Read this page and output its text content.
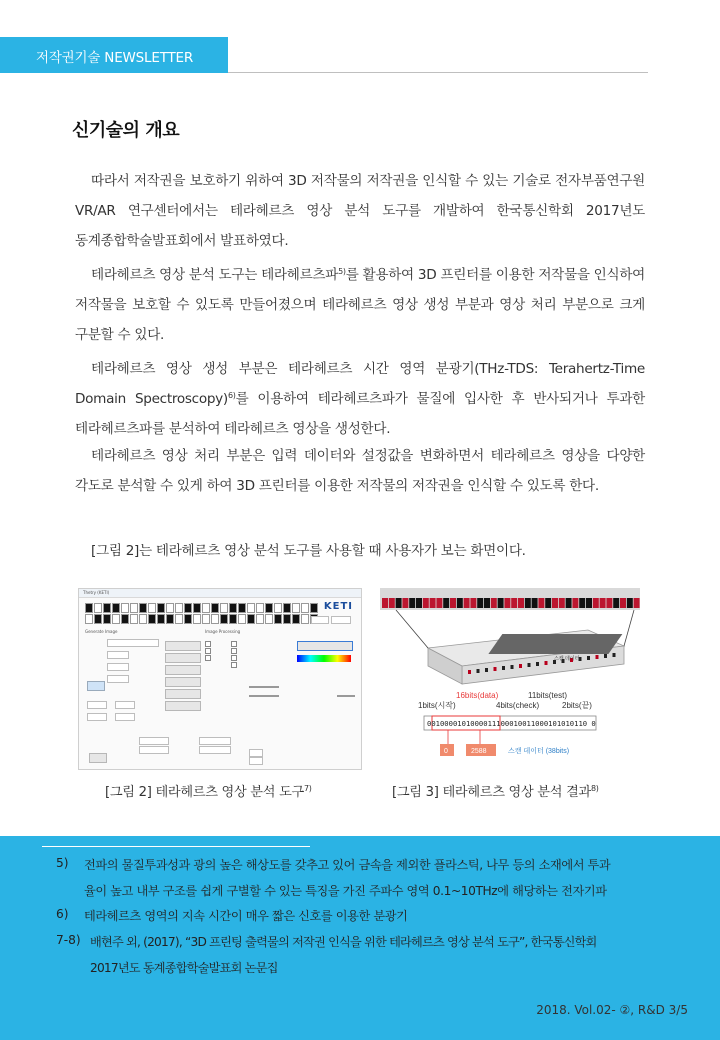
저작권기술 NEWSLETTER
신기술의 개요
따라서 저작권을 보호하기 위하여 3D 저작물의 저작권을 인식할 수 있는 기술로 전자부품연구원 VR/AR 연구센터에서는 테라헤르츠 영상 분석 도구를 개발하여 한국통신학회 2017년도 동계종합학술발표회에서 발표하였다.
테라헤르츠 영상 분석 도구는 테라헤르츠파$^{5)}$를 활용하여 3D 프린터를 이용한 저작물을 인식하여 저작물을 보호할 수 있도록 만들어졌으며 테라헤르츠 영상 생성 부분과 영상 처리 부분으로 크게 구분할 수 있다.
테라헤르츠 영상 생성 부분은 테라헤르츠 시간 영역 분광기(THz-TDS: Terahertz-Time Domain Spectroscopy)$^{6)}$를 이용하여 테라헤르츠파가 물질에 입사한 후 반사되거나 투과한 테라헤르츠파를 분석하여 테라헤르츠 영상을 생성한다.
테라헤르츠 영상 처리 부분은 입력 데이터와 설정값을 변화하면서 테라헤르츠 영상을 다양한 각도로 분석할 수 있게 하여 3D 프린터를 이용한 저작물의 저작권을 인식할 수 있도록 한다.
[그림 2]는 테라헤르츠 영상 분석 도구를 사용할 때 사용자가 보는 화면이다.
Thetry (KETI)
KETI
Generate Image	Image Processing
16bits(data)	11bits(test)
1bits(시작)	4bits(check)	2bits(끝)
0010000101000011100010011000101010110 0
0	2588	스캔 데이터 (38bits)
스캔 데이터
[그림 2] 테라헤르츠 영상 분석 도구$^{7)}$	[그림 3] 테라헤르츠 영상 분석 결과$^{8)}$
5) 전파의 물질투과성과 광의 높은 해상도를 갖추고 있어 금속을 제외한 플라스틱, 나무 등의 소재에서 투과
율이 높고 내부 구조를 쉽게 구별할 수 있는 특징을 가진 주파수 영역 0.1~10THz에 해당하는 전자기파
6) 테라헤르츠 영역의 지속 시간이 매우 짧은 신호를 이용한 분광기
7-8) 배현주 외, (2017), “3D 프린팅 출력물의 저작권 인식을 위한 테라헤르츠 영상 분석 도구”, 한국통신학회
2017년도 동계종합학술발표회 논문집
2018. Vol.02- ②, R&D 3/5
